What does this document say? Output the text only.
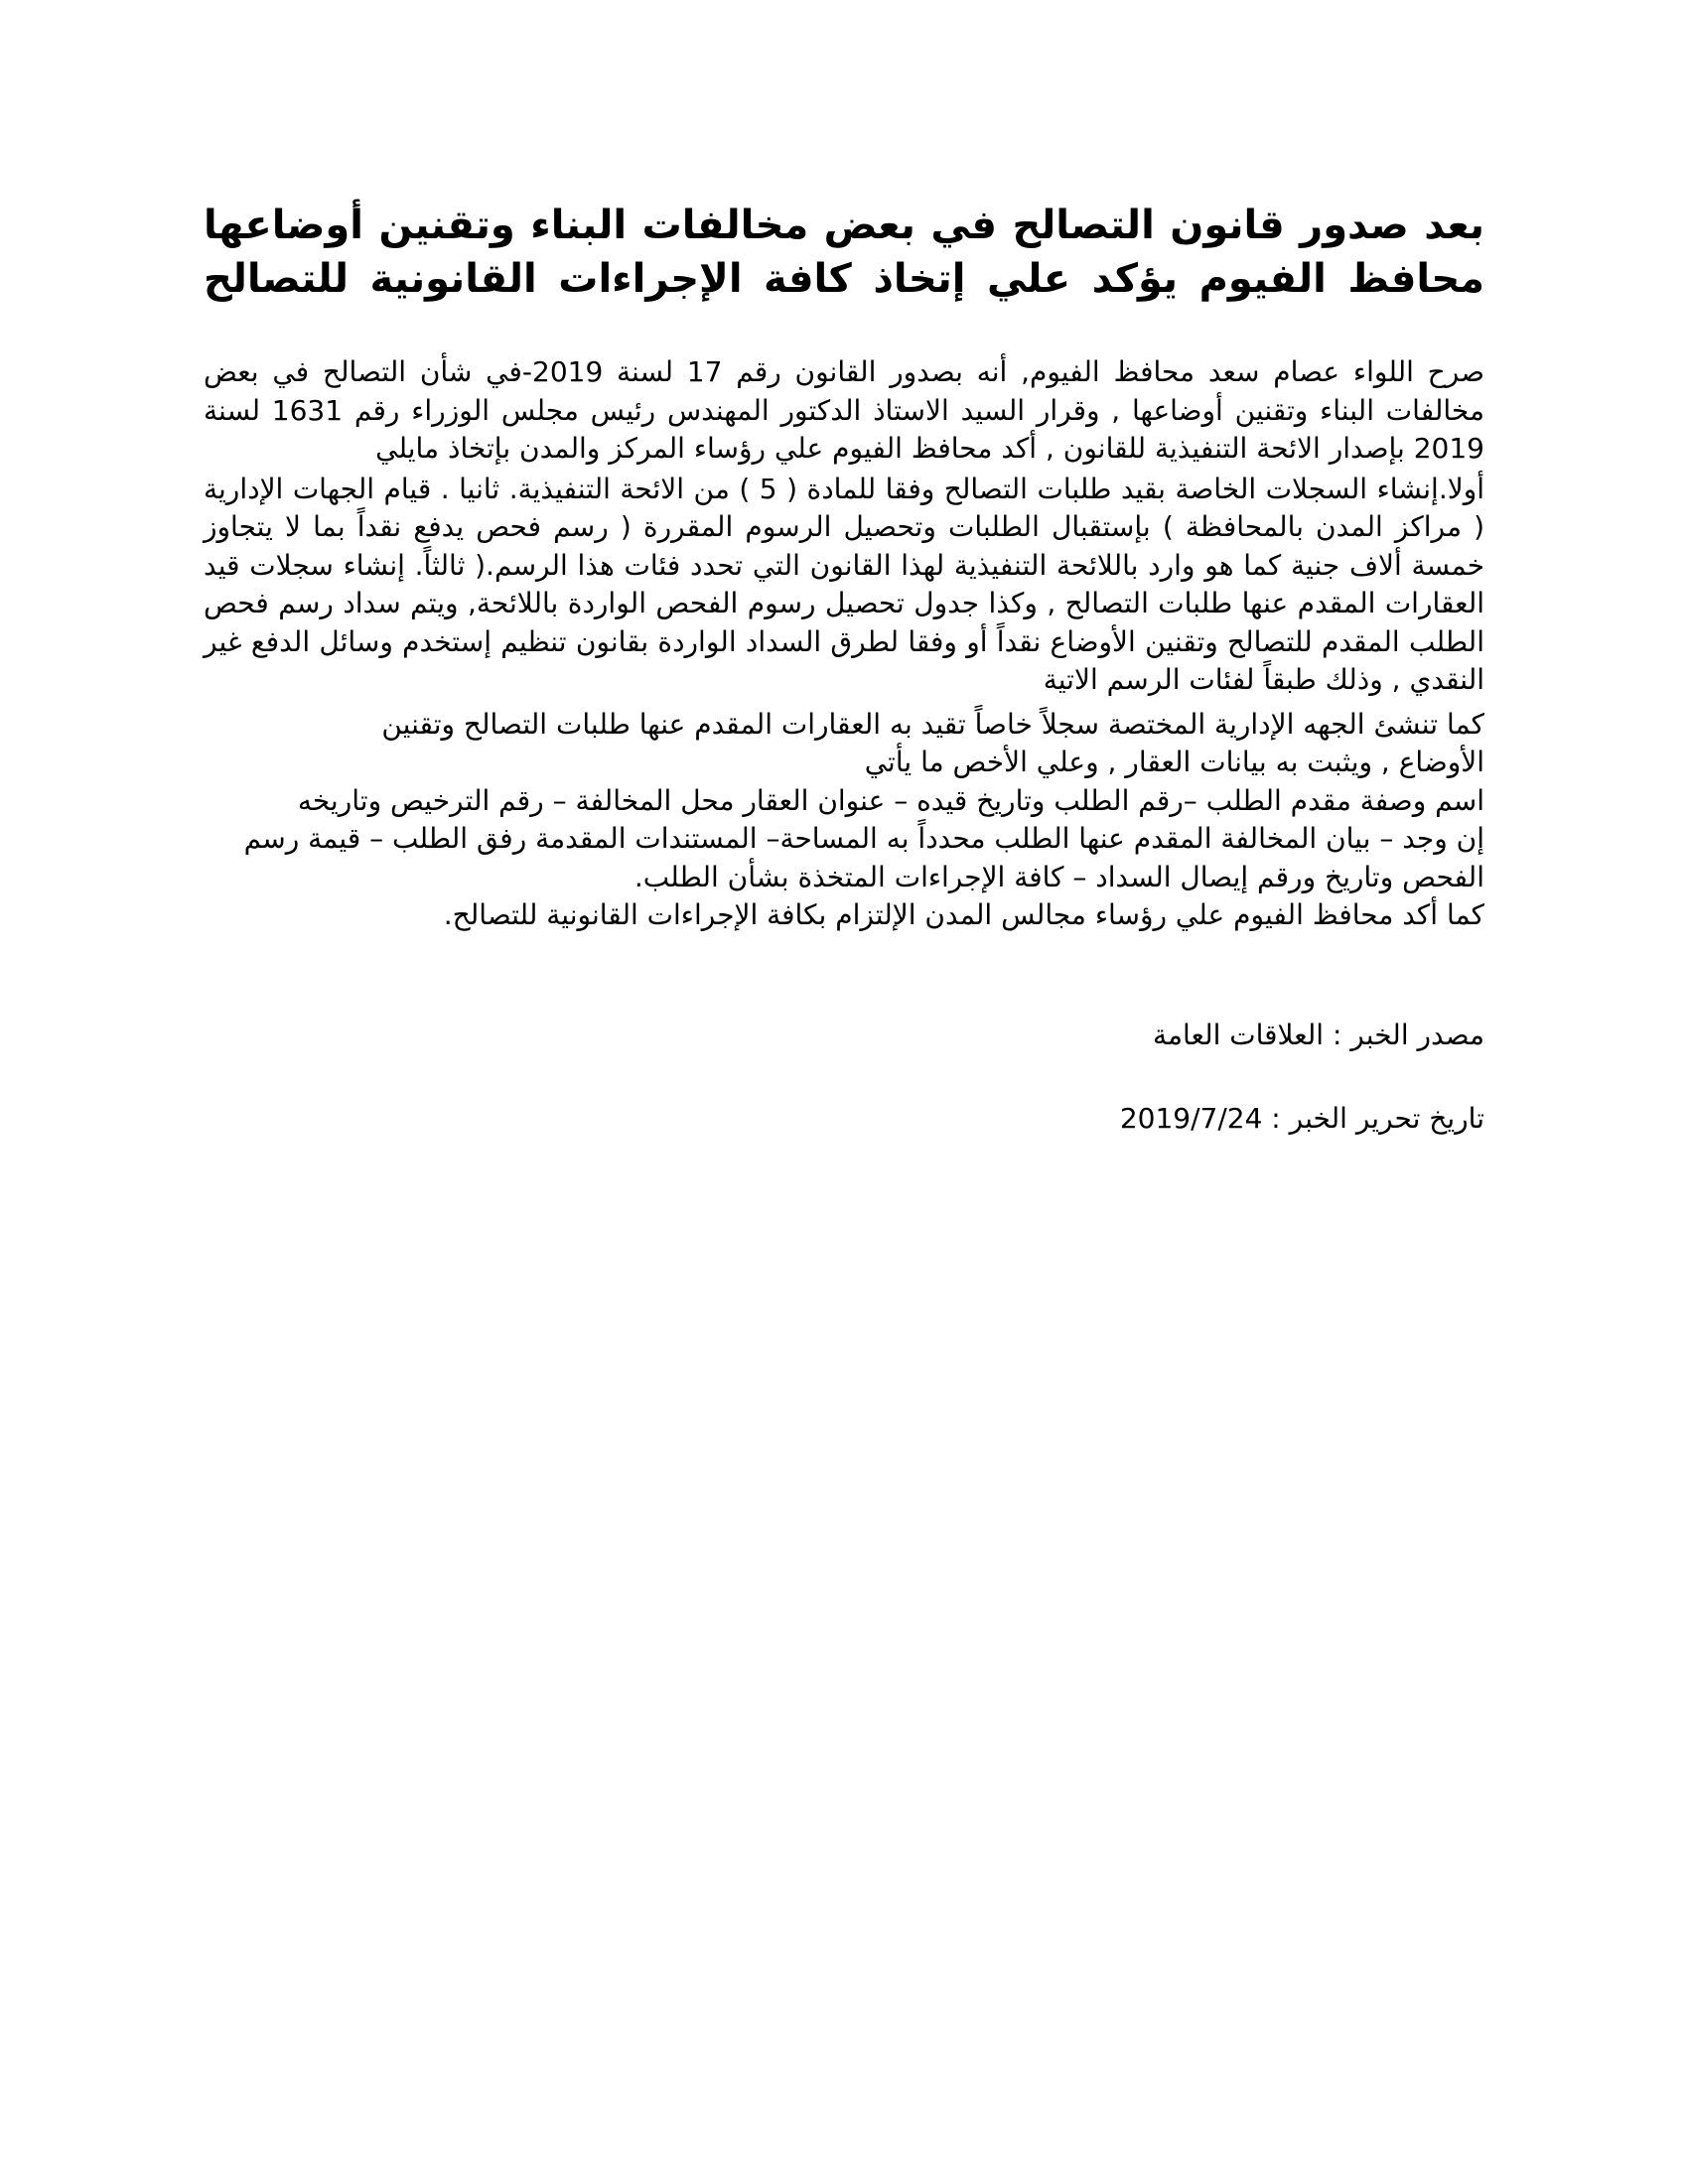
بعد صدور قانون التصالح في بعض مخالفات البناء وتقنين أوضاعها
محافظ الفيوم يؤكد علي إتخاذ كافة الإجراءات القانونية للتصالح

صرح اللواء عصام سعد محافظ الفيوم, أنه بصدور القانون رقم 17 لسنة 2019-في شأن التصالح في بعض مخالفات البناء وتقنين أوضاعها , وقرار السيد الاستاذ الدكتور المهندس رئيس مجلس الوزراء رقم 1631 لسنة 2019 بإصدار الائحة التنفيذية للقانون , أكد محافظ الفيوم علي رؤساء المركز والمدن بإتخاذ مايلي

أولا.إنشاء السجلات الخاصة بقيد طلبات التصالح وفقا للمادة ( 5 ) من الائحة التنفيذية. ثانيا . قيام الجهات الإدارية ( مراكز المدن بالمحافظة ) بإستقبال الطلبات وتحصيل الرسوم المقررة ( رسم فحص يدفع نقداً بما لا يتجاوز خمسة ألاف جنية كما هو وارد باللائحة التنفيذية لهذا القانون التي تحدد فئات هذا الرسم.( ثالثاً. إنشاء سجلات قيد العقارات المقدم عنها طلبات التصالح , وكذا جدول تحصيل رسوم الفحص الواردة باللائحة, ويتم سداد رسم فحص الطلب المقدم للتصالح وتقنين الأوضاع نقداً أو وفقا لطرق السداد الواردة بقانون تنظيم إستخدم وسائل الدفع غير النقدي , وذلك طبقاً لفئات الرسم الاتية

كما تنشئ الجهه الإدارية المختصة سجلاً خاصاً تقيد به العقارات المقدم عنها طلبات التصالح وتقنين
الأوضاع , ويثبت به بيانات العقار , وعلي الأخص ما يأتي

اسم وصفة مقدم الطلب –رقم الطلب وتاريخ قيده – عنوان العقار محل المخالفة – رقم الترخيص وتاريخه
إن وجد – بيان المخالفة المقدم عنها الطلب محدداً به المساحة– المستندات المقدمة رفق الطلب – قيمة رسم
الفحص وتاريخ ورقم إيصال السداد – كافة الإجراءات المتخذة بشأن الطلب.
كما أكد محافظ الفيوم علي رؤساء مجالس المدن الإلتزام بكافة الإجراءات القانونية للتصالح.

مصدر الخبر : العلاقات العامة

تاريخ تحرير الخبر : 2019/7/24
